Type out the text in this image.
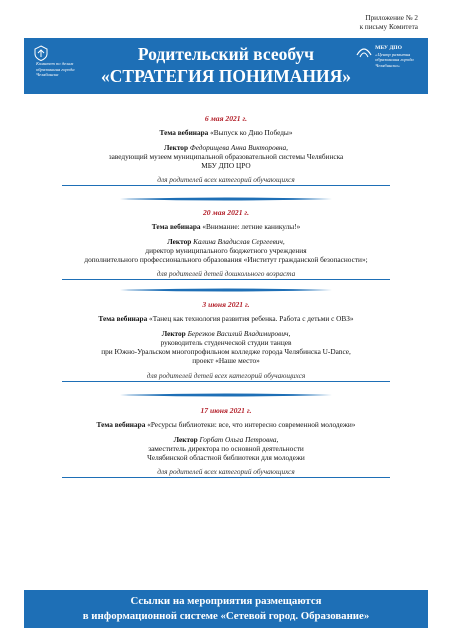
Приложение № 2
к письму Комитета
Комитет по делам образования города Челябинска
Родительский всеобуч
«СТРАТЕГИЯ ПОНИМАНИЯ»
МБУ ДПО
«Центр развития образования города Челябинска»
6 мая 2021 г.
Тема вебинара «Выпуск ко Дню Победы»
Лектор Федорищева Анна Викторовна,
заведующий музеем муниципальной образовательной системы Челябинска
МБУ ДПО ЦРО
для родителей всех категорий обучающихся
20 мая 2021 г.
Тема вебинара «Внимание: летние каникулы!»
Лектор Калина Владислав Сергеевич,
директор муниципального бюджетного учреждения
дополнительного профессионального образования «Институт гражданской безопасности»;
для родителей детей дошкольного возраста
3 июня 2021 г.
Тема вебинара «Танец как технология развития ребенка. Работа с детьми с ОВЗ»
Лектор Березков Василий Владимирович,
руководитель студенческой студии танцев
при Южно-Уральском многопрофильном колледже города Челябинска U-Dance,
проект «Наше место»
для родителей детей всех категорий обучающихся
17 июня 2021 г.
Тема вебинара «Ресурсы библиотеки: все, что интересно современной молодежи»
Лектор Горбат Ольга Петровна,
заместитель директора по основной деятельности
Челябинской областной библиотеки для молодежи
для родителей всех категорий обучающихся
Ссылки на мероприятия размещаются
в информационной системе «Сетевой город. Образование»
